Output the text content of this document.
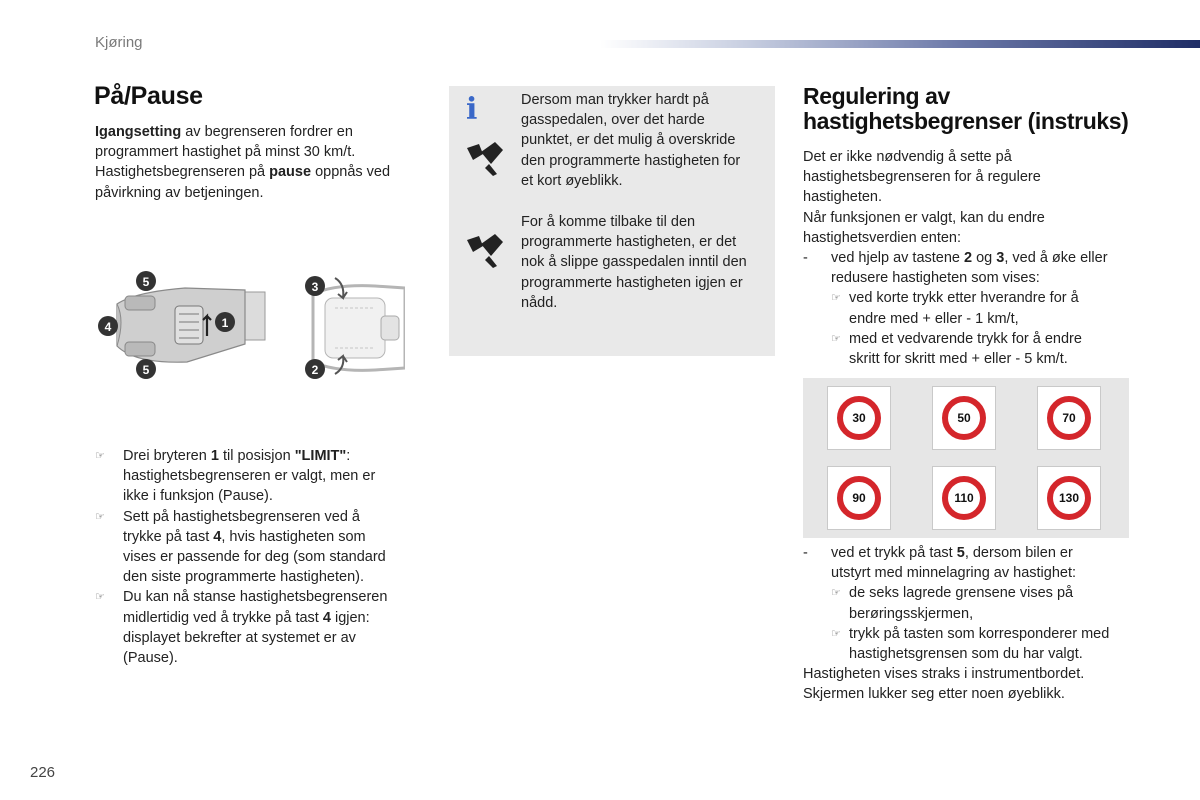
Kjøring
På/Pause
Igangsetting av begrenseren fordrer en
programmert hastighet på minst 30 km/t.
Hastighetsbegrenseren på pause oppnås ved
påvirkning av betjeningen.
1
5
4
5
3
2
☞	Drei bryteren 1 til posisjon "LIMIT":
hastighetsbegrenseren er valgt, men er
ikke i funksjon (Pause).
☞	Sett på hastighetsbegrenseren ved å
trykke på tast 4, hvis hastigheten som
vises er passende for deg (som standard
den siste programmerte hastigheten).
☞	Du kan nå stanse hastighetsbegrenseren
midlertidig ved å trykke på tast 4 igjen:
displayet bekrefter at systemet er av
(Pause).
i	Dersom man trykker hardt på
gasspedalen, over det harde
punktet, er det mulig å overskride
den programmerte hastigheten for
et kort øyeblikk.
For å komme tilbake til den
programmerte hastigheten, er det
nok å slippe gasspedalen inntil den
programmerte hastigheten igjen er
nådd.
Regulering av
hastighetsbegrenser (instruks)
Det er ikke nødvendig å sette på
hastighetsbegrenseren for å regulere
hastigheten.
Når funksjonen er valgt, kan du endre
hastighetsverdien enten:
-	ved hjelp av tastene 2 og 3, ved å øke eller
redusere hastigheten som vises:
☞ ved korte trykk etter hverandre for å
endre med + eller - 1 km/t,
☞ med et vedvarende trykk for å endre
skritt for skritt med + eller - 5 km/t.
30	50	70
90	110	130
-	ved et trykk på tast 5, dersom bilen er
utstyrt med minnelagring av hastighet:
☞ de seks lagrede grensene vises på
berøringsskjermen,
☞ trykk på tasten som korresponderer med
hastighetsgrensen som du har valgt.
Hastigheten vises straks i instrumentbordet.
Skjermen lukker seg etter noen øyeblikk.
226
